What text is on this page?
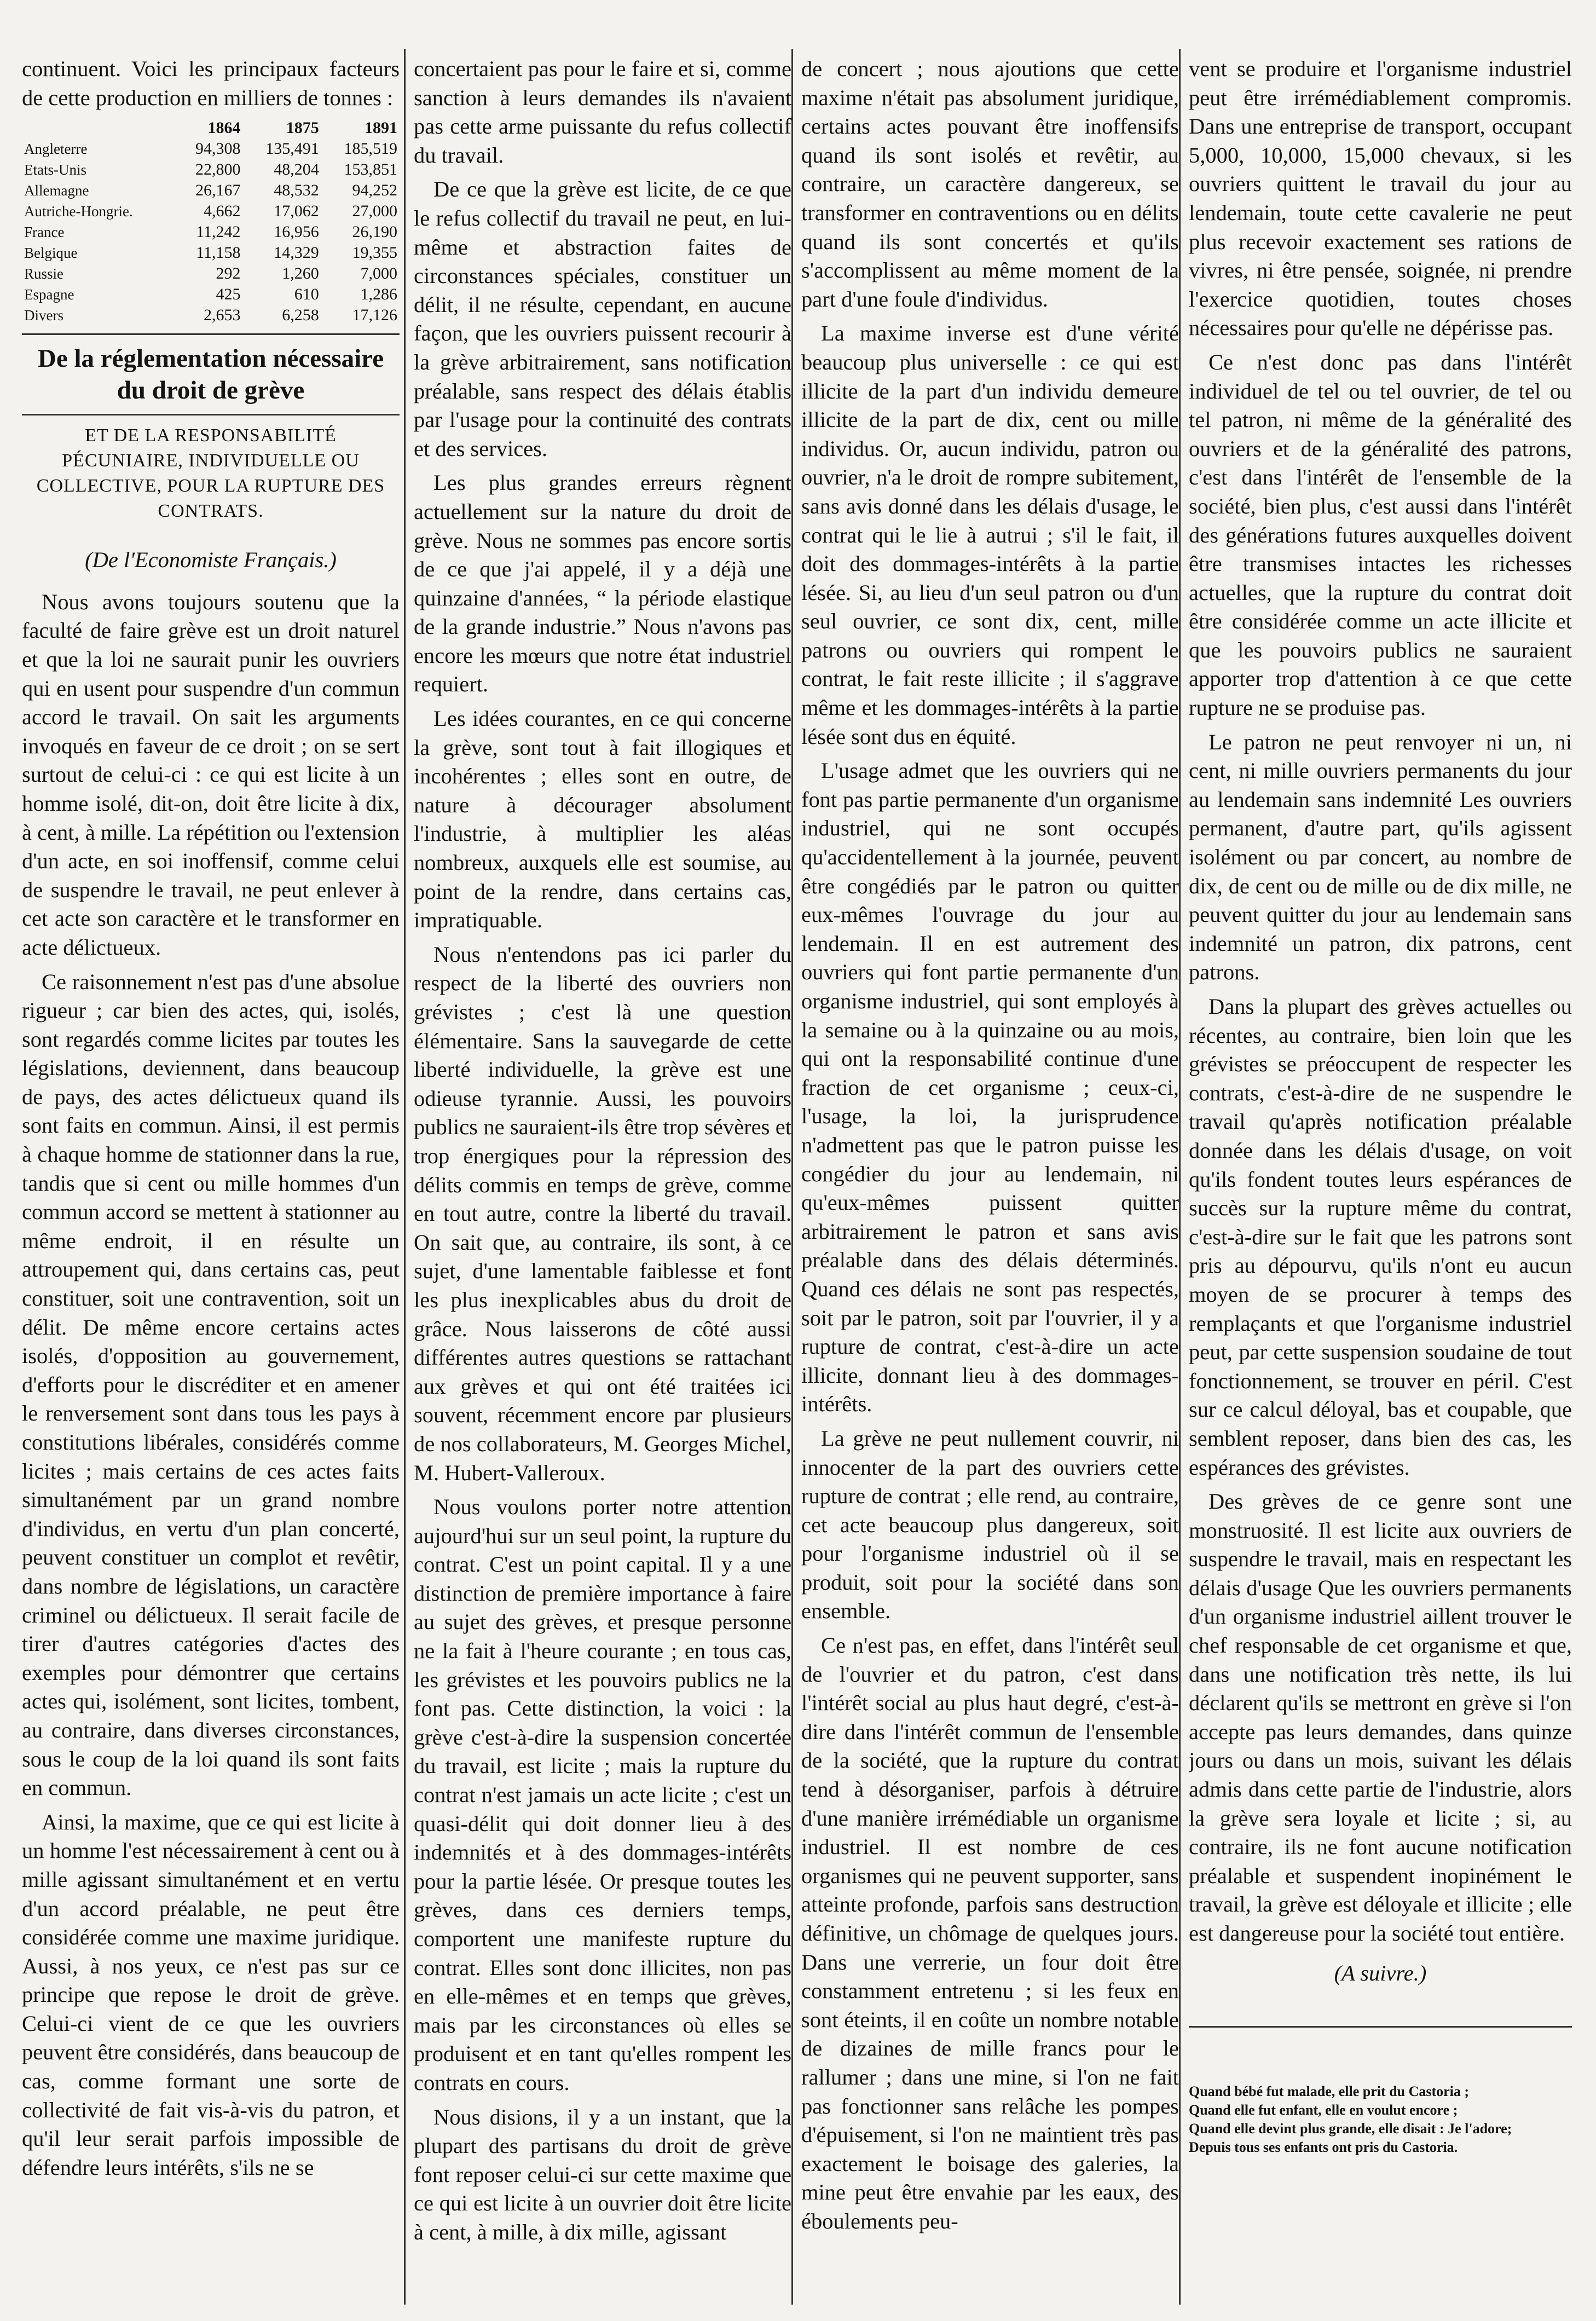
continuent. Voici les principaux facteurs de cette production en milliers de tonnes :

	1864	1875	1891
Angleterre	94,308	135,491	185,519
Etats-Unis	22,800	48,204	153,851
Allemagne	26,167	48,532	94,252
Autriche-Hongrie.	4,662	17,062	27,000
France	11,242	16,956	26,190
Belgique	11,158	14,329	19,355
Russie	292	1,260	7,000
Espagne	425	610	1,286
Divers	2,653	6,258	17,126
De la réglementation nécessaire du droit de grève
ET DE LA RESPONSABILITÉ PÉCUNIAIRE, INDIVIDUELLE OU COLLECTIVE, POUR LA RUPTURE DES CONTRATS.
(De l'Economiste Français.)

Nous avons toujours soutenu que la faculté de faire grève est un droit naturel et que la loi ne saurait punir les ouvriers qui en usent pour suspendre d'un commun accord le travail. On sait les arguments invoqués en faveur de ce droit ; on se sert surtout de celui-ci : ce qui est licite à un homme isolé, dit-on, doit être licite à dix, à cent, à mille. La répétition ou l'extension d'un acte, en soi inoffensif, comme celui de suspendre le travail, ne peut enlever à cet acte son caractère et le transformer en acte délictueux.

Ce raisonnement n'est pas d'une absolue rigueur ; car bien des actes, qui, isolés, sont regardés comme licites par toutes les législations, deviennent, dans beaucoup de pays, des actes délictueux quand ils sont faits en commun. Ainsi, il est permis à chaque homme de stationner dans la rue, tandis que si cent ou mille hommes d'un commun accord se mettent à stationner au même endroit, il en résulte un attroupement qui, dans certains cas, peut constituer, soit une contravention, soit un délit. De même encore certains actes isolés, d'opposition au gouvernement, d'efforts pour le discréditer et en amener le renversement sont dans tous les pays à constitutions libérales, considérés comme licites ; mais certains de ces actes faits simultanément par un grand nombre d'individus, en vertu d'un plan concerté, peuvent constituer un complot et revêtir, dans nombre de législations, un caractère criminel ou délictueux. Il serait facile de tirer d'autres catégories d'actes des exemples pour démontrer que certains actes qui, isolément, sont licites, tombent, au contraire, dans diverses circonstances, sous le coup de la loi quand ils sont faits en commun.

Ainsi, la maxime, que ce qui est licite à un homme l'est nécessairement à cent ou à mille agissant simultanément et en vertu d'un accord préalable, ne peut être considérée comme une maxime juridique. Aussi, à nos yeux, ce n'est pas sur ce principe que repose le droit de grève. Celui-ci vient de ce que les ouvriers peuvent être considérés, dans beaucoup de cas, comme formant une sorte de collectivité de fait vis-à-vis du patron, et qu'il leur serait parfois impossible de défendre leurs intérêts, s'ils ne se

concertaient pas pour le faire et si, comme sanction à leurs demandes ils n'avaient pas cette arme puissante du refus collectif du travail.

De ce que la grève est licite, de ce que le refus collectif du travail ne peut, en lui-même et abstraction faites de circonstances spéciales, constituer un délit, il ne résulte, cependant, en aucune façon, que les ouvriers puissent recourir à la grève arbitrairement, sans notification préalable, sans respect des délais établis par l'usage pour la continuité des contrats et des services.

Les plus grandes erreurs règnent actuellement sur la nature du droit de grève. Nous ne sommes pas encore sortis de ce que j'ai appelé, il y a déjà une quinzaine d'années, “ la période elastique de la grande industrie.” Nous n'avons pas encore les mœurs que notre état industriel requiert.

Les idées courantes, en ce qui concerne la grève, sont tout à fait illogiques et incohérentes ; elles sont en outre, de nature à décourager absolument l'industrie, à multiplier les aléas nombreux, auxquels elle est soumise, au point de la rendre, dans certains cas, impratiquable.

Nous n'entendons pas ici parler du respect de la liberté des ouvriers non grévistes ; c'est là une question élémentaire. Sans la sauvegarde de cette liberté individuelle, la grève est une odieuse tyrannie. Aussi, les pouvoirs publics ne sauraient-ils être trop sévères et trop énergiques pour la répression des délits commis en temps de grève, comme en tout autre, contre la liberté du travail. On sait que, au contraire, ils sont, à ce sujet, d'une lamentable faiblesse et font les plus inexplicables abus du droit de grâce. Nous laisserons de côté aussi différentes autres questions se rattachant aux grèves et qui ont été traitées ici souvent, récemment encore par plusieurs de nos collaborateurs, M. Georges Michel, M. Hubert-Valleroux.

Nous voulons porter notre attention aujourd'hui sur un seul point, la rupture du contrat. C'est un point capital. Il y a une distinction de première importance à faire au sujet des grèves, et presque personne ne la fait à l'heure courante ; en tous cas, les grévistes et les pouvoirs publics ne la font pas. Cette distinction, la voici : la grève c'est-à-dire la suspension concertée du travail, est licite ; mais la rupture du contrat n'est jamais un acte licite ; c'est un quasi-délit qui doit donner lieu à des indemnités et à des dommages-intérêts pour la partie lésée. Or presque toutes les grèves, dans ces derniers temps, comportent une manifeste rupture du contrat. Elles sont donc illicites, non pas en elle-mêmes et en temps que grèves, mais par les circonstances où elles se produisent et en tant qu'elles rompent les contrats en cours.

Nous disions, il y a un instant, que la plupart des partisans du droit de grève font reposer celui-ci sur cette maxime que ce qui est licite à un ouvrier doit être licite à cent, à mille, à dix mille, agissant

de concert ; nous ajoutions que cette maxime n'était pas absolument juridique, certains actes pouvant être inoffensifs quand ils sont isolés et revêtir, au contraire, un caractère dangereux, se transformer en contraventions ou en délits quand ils sont concertés et qu'ils s'accomplissent au même moment de la part d'une foule d'individus.

La maxime inverse est d'une vérité beaucoup plus universelle : ce qui est illicite de la part d'un individu demeure illicite de la part de dix, cent ou mille individus. Or, aucun individu, patron ou ouvrier, n'a le droit de rompre subitement, sans avis donné dans les délais d'usage, le contrat qui le lie à autrui ; s'il le fait, il doit des dommages-intérêts à la partie lésée. Si, au lieu d'un seul patron ou d'un seul ouvrier, ce sont dix, cent, mille patrons ou ouvriers qui rompent le contrat, le fait reste illicite ; il s'aggrave même et les dommages-intérêts à la partie lésée sont dus en équité.

L'usage admet que les ouvriers qui ne font pas partie permanente d'un organisme industriel, qui ne sont occupés qu'accidentellement à la journée, peuvent être congédiés par le patron ou quitter eux-mêmes l'ouvrage du jour au lendemain. Il en est autrement des ouvriers qui font partie permanente d'un organisme industriel, qui sont employés à la semaine ou à la quinzaine ou au mois, qui ont la responsabilité continue d'une fraction de cet organisme ; ceux-ci, l'usage, la loi, la jurisprudence n'admettent pas que le patron puisse les congédier du jour au lendemain, ni qu'eux-mêmes puissent quitter arbitrairement le patron et sans avis préalable dans des délais déterminés. Quand ces délais ne sont pas respectés, soit par le patron, soit par l'ouvrier, il y a rupture de contrat, c'est-à-dire un acte illicite, donnant lieu à des dommages-intérêts.

La grève ne peut nullement couvrir, ni innocenter de la part des ouvriers cette rupture de contrat ; elle rend, au contraire, cet acte beaucoup plus dangereux, soit pour l'organisme industriel où il se produit, soit pour la société dans son ensemble.

Ce n'est pas, en effet, dans l'intérêt seul de l'ouvrier et du patron, c'est dans l'intérêt social au plus haut degré, c'est-à-dire dans l'intérêt commun de l'ensemble de la société, que la rupture du contrat tend à désorganiser, parfois à détruire d'une manière irrémédiable un organisme industriel. Il est nombre de ces organismes qui ne peuvent supporter, sans atteinte profonde, parfois sans destruction définitive, un chômage de quelques jours. Dans une verrerie, un four doit être constamment entretenu ; si les feux en sont éteints, il en coûte un nombre notable de dizaines de mille francs pour le rallumer ; dans une mine, si l'on ne fait pas fonctionner sans relâche les pompes d'épuisement, si l'on ne maintient très pas exactement le boisage des galeries, la mine peut être envahie par les eaux, des éboulements peu-

vent se produire et l'organisme industriel peut être irrémédiablement compromis. Dans une entreprise de transport, occupant 5,000, 10,000, 15,000 chevaux, si les ouvriers quittent le travail du jour au lendemain, toute cette cavalerie ne peut plus recevoir exactement ses rations de vivres, ni être pensée, soignée, ni prendre l'exercice quotidien, toutes choses nécessaires pour qu'elle ne dépérisse pas.

Ce n'est donc pas dans l'intérêt individuel de tel ou tel ouvrier, de tel ou tel patron, ni même de la généralité des ouvriers et de la généralité des patrons, c'est dans l'intérêt de l'ensemble de la société, bien plus, c'est aussi dans l'intérêt des générations futures auxquelles doivent être transmises intactes les richesses actuelles, que la rupture du contrat doit être considérée comme un acte illicite et que les pouvoirs publics ne sauraient apporter trop d'attention à ce que cette rupture ne se produise pas.

Le patron ne peut renvoyer ni un, ni cent, ni mille ouvriers permanents du jour au lendemain sans indemnité Les ouvriers permanent, d'autre part, qu'ils agissent isolément ou par concert, au nombre de dix, de cent ou de mille ou de dix mille, ne peuvent quitter du jour au lendemain sans indemnité un patron, dix patrons, cent patrons.

Dans la plupart des grèves actuelles ou récentes, au contraire, bien loin que les grévistes se préoccupent de respecter les contrats, c'est-à-dire de ne suspendre le travail qu'après notification préalable donnée dans les délais d'usage, on voit qu'ils fondent toutes leurs espérances de succès sur la rupture même du contrat, c'est-à-dire sur le fait que les patrons sont pris au dépourvu, qu'ils n'ont eu aucun moyen de se procurer à temps des remplaçants et que l'organisme industriel peut, par cette suspension soudaine de tout fonctionnement, se trouver en péril. C'est sur ce calcul déloyal, bas et coupable, que semblent reposer, dans bien des cas, les espérances des grévistes.

Des grèves de ce genre sont une monstruosité. Il est licite aux ouvriers de suspendre le travail, mais en respectant les délais d'usage Que les ouvriers permanents d'un organisme industriel aillent trouver le chef responsable de cet organisme et que, dans une notification très nette, ils lui déclarent qu'ils se mettront en grève si l'on accepte pas leurs demandes, dans quinze jours ou dans un mois, suivant les délais admis dans cette partie de l'industrie, alors la grève sera loyale et licite ; si, au contraire, ils ne font aucune notification préalable et suspendent inopinément le travail, la grève est déloyale et illicite ; elle est dangereuse pour la société tout entière.

(A suivre.)
Quand bébé fut malade, elle prit du Castoria ;
Quand elle fut enfant, elle en voulut encore ;
Quand elle devint plus grande, elle disait : Je l'adore;
Depuis tous ses enfants ont pris du Castoria.
